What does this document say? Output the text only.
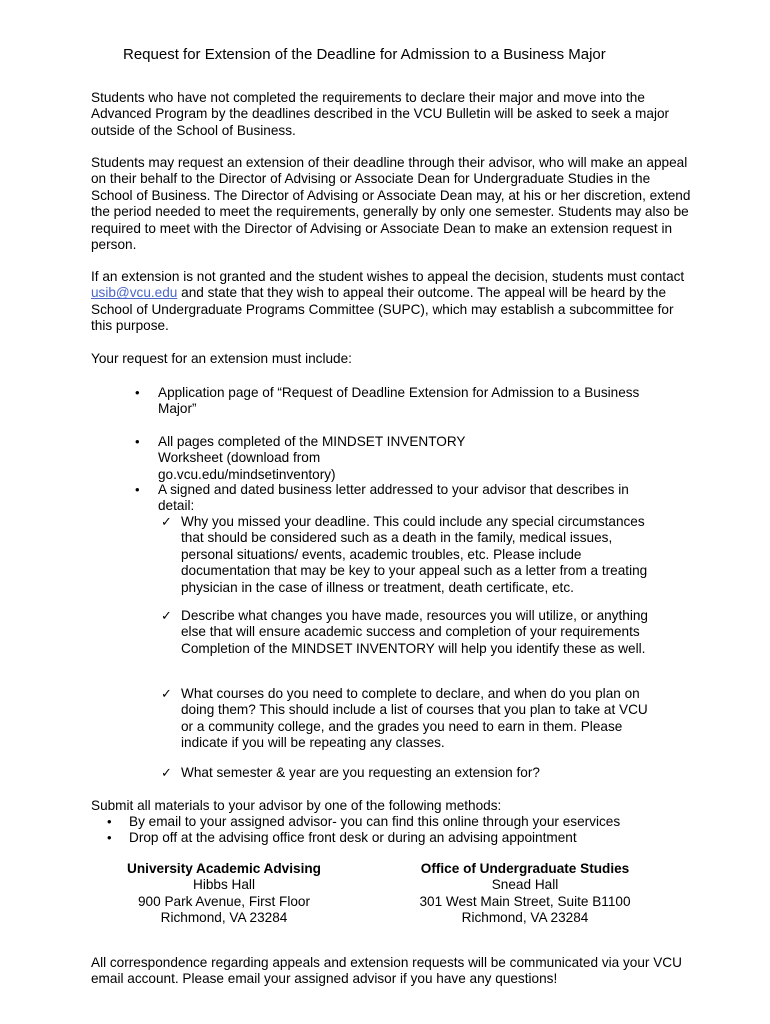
Request for Extension of the Deadline for Admission to a Business Major

Students who have not completed the requirements to declare their major and move into the Advanced Program by the deadlines described in the VCU Bulletin will be asked to seek a major outside of the School of Business.

Students may request an extension of their deadline through their advisor, who will make an appeal on their behalf to the Director of Advising or Associate Dean for Undergraduate Studies in the School of Business. The Director of Advising or Associate Dean may, at his or her discretion, extend the period needed to meet the requirements, generally by only one semester. Students may also be required to meet with the Director of Advising or Associate Dean to make an extension request in person.

If an extension is not granted and the student wishes to appeal the decision, students must contact usib@vcu.edu and state that they wish to appeal their outcome. The appeal will be heard by the School of Undergraduate Programs Committee (SUPC), which may establish a subcommittee for this purpose.

Your request for an extension must include:

• Application page of “Request of Deadline Extension for Admission to a Business Major”
• All pages completed of the MINDSET INVENTORY Worksheet (download from go.vcu.edu/mindsetinventory)
• A signed and dated business letter addressed to your advisor that describes in detail:
✓ Why you missed your deadline. This could include any special circumstances that should be considered such as a death in the family, medical issues, personal situations/ events, academic troubles, etc. Please include documentation that may be key to your appeal such as a letter from a treating physician in the case of illness or treatment, death certificate, etc.
✓ Describe what changes you have made, resources you will utilize, or anything else that will ensure academic success and completion of your requirements Completion of the MINDSET INVENTORY will help you identify these as well.
✓ What courses do you need to complete to declare, and when do you plan on doing them? This should include a list of courses that you plan to take at VCU or a community college, and the grades you need to earn in them. Please indicate if you will be repeating any classes.
✓ What semester & year are you requesting an extension for?

Submit all materials to your advisor by one of the following methods:

• By email to your assigned advisor- you can find this online through your eservices
• Drop off at the advising office front desk or during an advising appointment
University Academic Advising
Hibbs Hall
900 Park Avenue, First Floor
Richmond, VA 23284
Office of Undergraduate Studies
Snead Hall
301 West Main Street, Suite B1100
Richmond, VA 23284

All correspondence regarding appeals and extension requests will be communicated via your VCU email account. Please email your assigned advisor if you have any questions!
